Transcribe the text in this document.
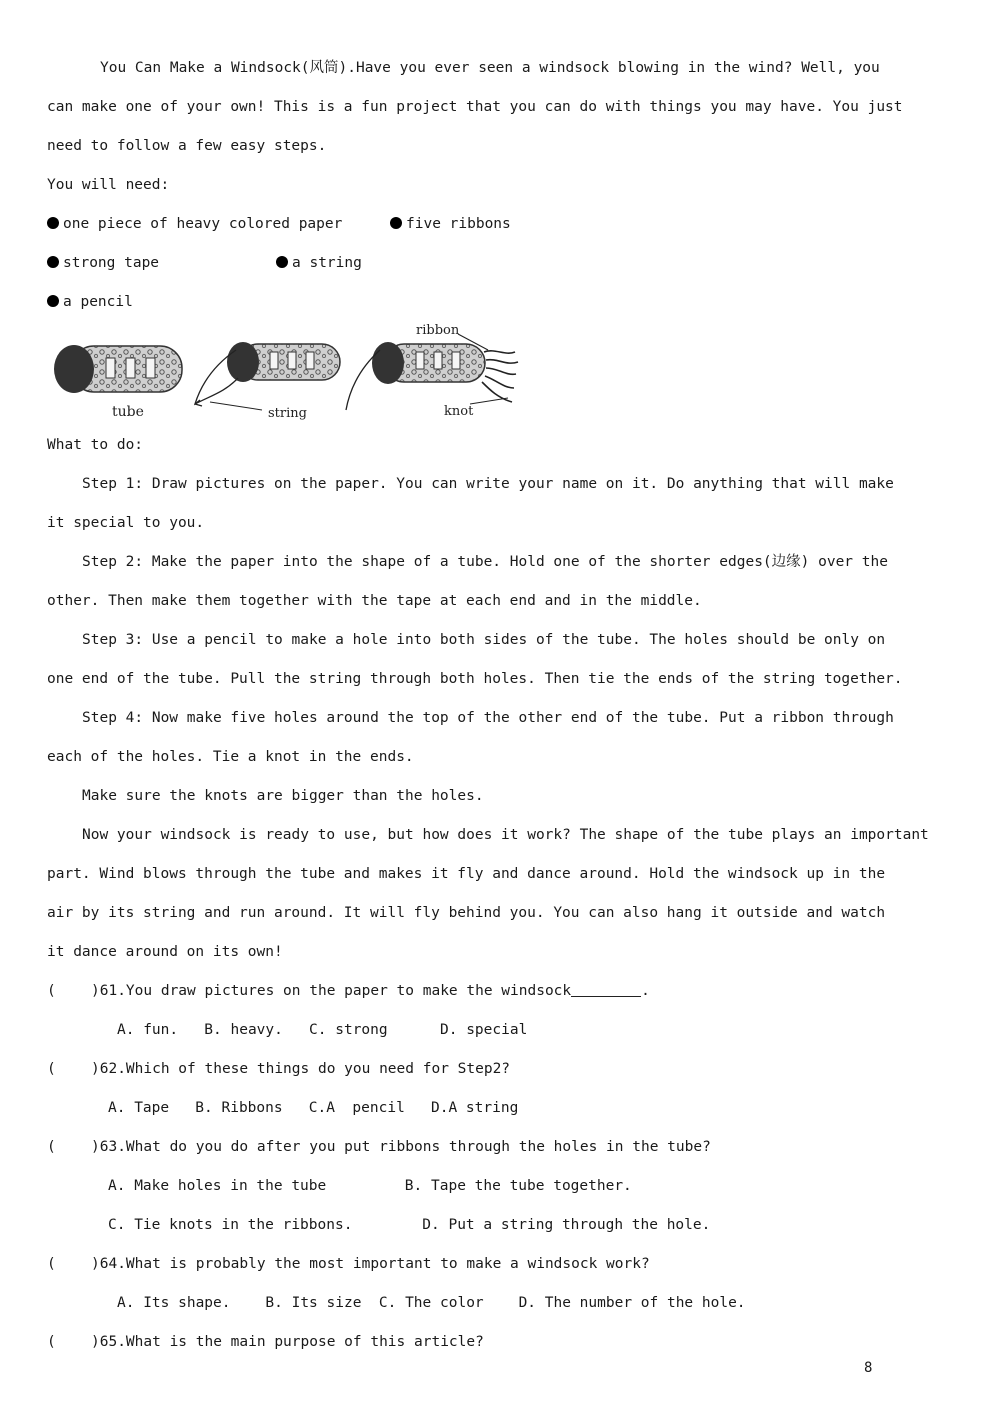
You Can Make a Windsock(风筒).Have you ever seen a windsock blowing in the wind? Well, you
can make one of your own! This is a fun project that you can do with things you may have. You just
need to follow a few easy steps.
You will need:
one piece of heavy colored paper	five ribbons
strong tape	a string
a pencil
tube	string
ribbon
knot
What to do:
Step 1: Draw pictures on the paper. You can write your name on it. Do anything that will make
it special to you.
Step 2: Make the paper into the shape of a tube. Hold one of the shorter edges(边缘) over the
other. Then make them together with the tape at each end and in the middle.
Step 3: Use a pencil to make a hole into both sides of the tube. The holes should be only on
one end of the tube. Pull the string through both holes. Then tie the ends of the string together.
Step 4: Now make five holes around the top of the other end of the tube. Put a ribbon through
each of the holes. Tie a knot in the ends.
Make sure the knots are bigger than the holes.
Now your windsock is ready to use, but how does it work? The shape of the tube plays an important
part. Wind blows through the tube and makes it fly and dance around. Hold the windsock up in the
air by its string and run around. It will fly behind you. You can also hang it outside and watch
it dance around on its own!
( )61.You draw pictures on the paper to make the windsock	.
A. fun.   B. heavy.   C. strong      D. special
( )62.Which of these things do you need for Step2?
A. Tape   B. Ribbons   C.A  pencil   D.A string
( )63.What do you do after you put ribbons through the holes in the tube?
A. Make holes in the tube         B. Tape the tube together.
C. Tie knots in the ribbons.        D. Put a string through the hole.
( )64.What is probably the most important to make a windsock work?
A. Its shape.    B. Its size  C. The color    D. The number of the hole.
( )65.What is the main purpose of this article?
8
